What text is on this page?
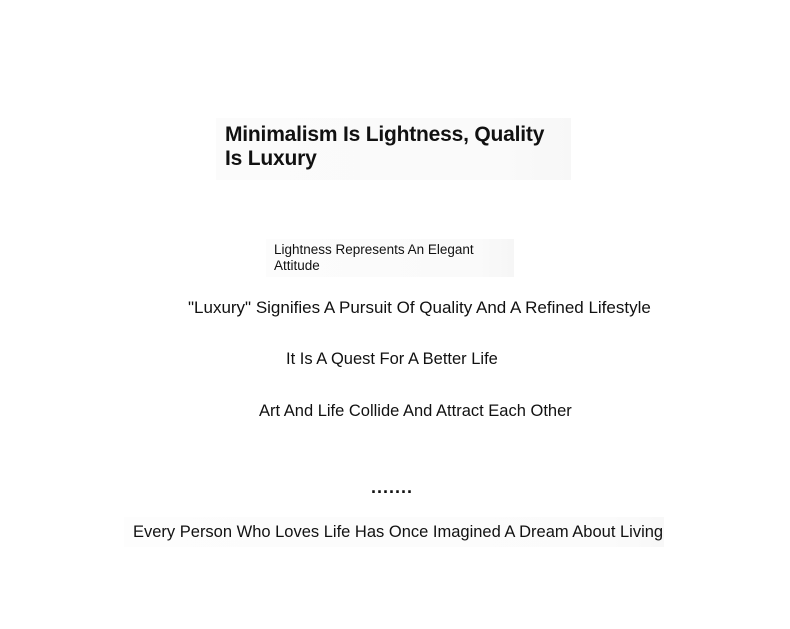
Minimalism Is Lightness, Quality
Is Luxury
Lightness Represents An Elegant
Attitude
"Luxury" Signifies A Pursuit Of Quality And A Refined Lifestyle
It Is A Quest For A Better Life
Art And Life Collide And Attract Each Other
.......
Every Person Who Loves Life Has Once Imagined A Dream About Living
